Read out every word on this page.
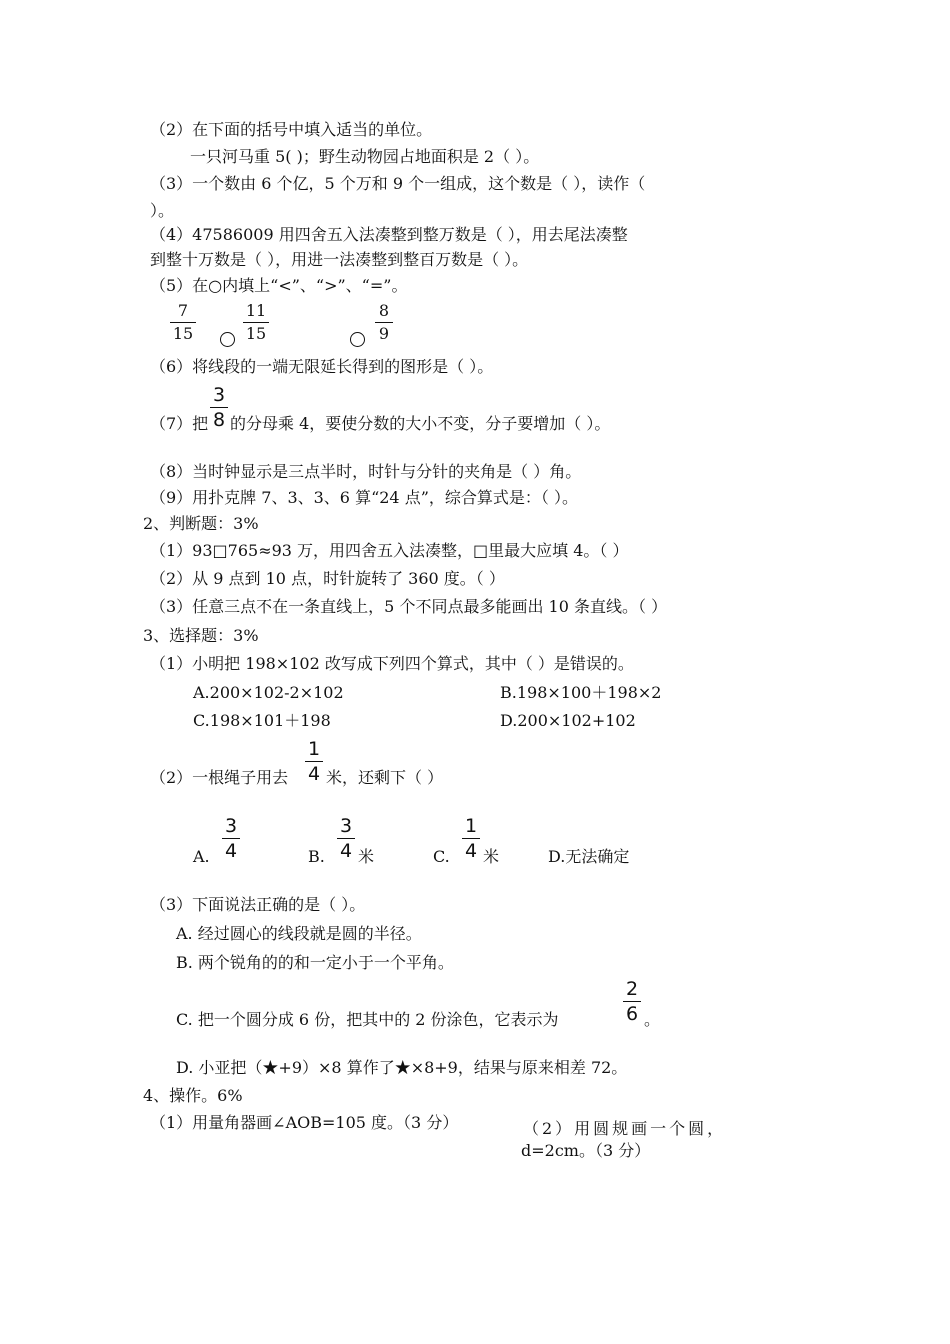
（2）在下面的括号中填入适当的单位。
一只河马重 5( )；野生动物园占地面积是 2（ ）。
（3）一个数由 6 个亿，5 个万和 9 个一组成，这个数是（ ），读作（
）。
（4）47586009 用四舍五入法凑整到整万数是（ ），用去尾法凑整
到整十万数是（ ），用进一法凑整到整百万数是（ ）。
（5）在○内填上“<”、“>”、“=”。
$\frac{7}{15}$	$\frac{11}{15}$	$\frac{8}{9}$
（6）将线段的一端无限延长得到的图形是（ ）。
$\frac{3}{8}$
（7）把 的分母乘 4，要使分数的大小不变，分子要增加（ ）。
（8）当时钟显示是三点半时，时针与分针的夹角是（ ）角。
（9）用扑克牌 7、3、3、6 算“24 点”，综合算式是：（ ）。
2、判断题：3%
（1）93□765≈93 万，用四舍五入法凑整，□里最大应填 4。（ ）
（2）从 9 点到 10 点，时针旋转了 360 度。（ ）
（3）任意三点不在一条直线上，5 个不同点最多能画出 10 条直线。（ ）
3、选择题：3%
（1）小明把 198×102 改写成下列四个算式，其中（ ）是错误的。
A.200×102-2×102	B.198×100＋198×2
C.198×101＋198	D.200×102+102
$\frac{1}{4}$
（2）一根绳子用去 米，还剩下（ ）
A. $\frac{3}{4}$	B. $\frac{3}{4}$ 米	C. $\frac{1}{4}$ 米	D.无法确定
（3）下面说法正确的是（ ）。
A. 经过圆心的线段就是圆的半径。
B. 两个锐角的的和一定小于一个平角。
$\frac{2}{6}$
C. 把一个圆分成 6 份，把其中的 2 份涂色，它表示为	。
D. 小亚把（★+9）×8 算作了★×8+9，结果与原来相差 72。
4、操作。6%
（1）用量角器画∠AOB=105 度。（3 分）	（2）用圆规画一个圆，
d=2cm。（3 分）
